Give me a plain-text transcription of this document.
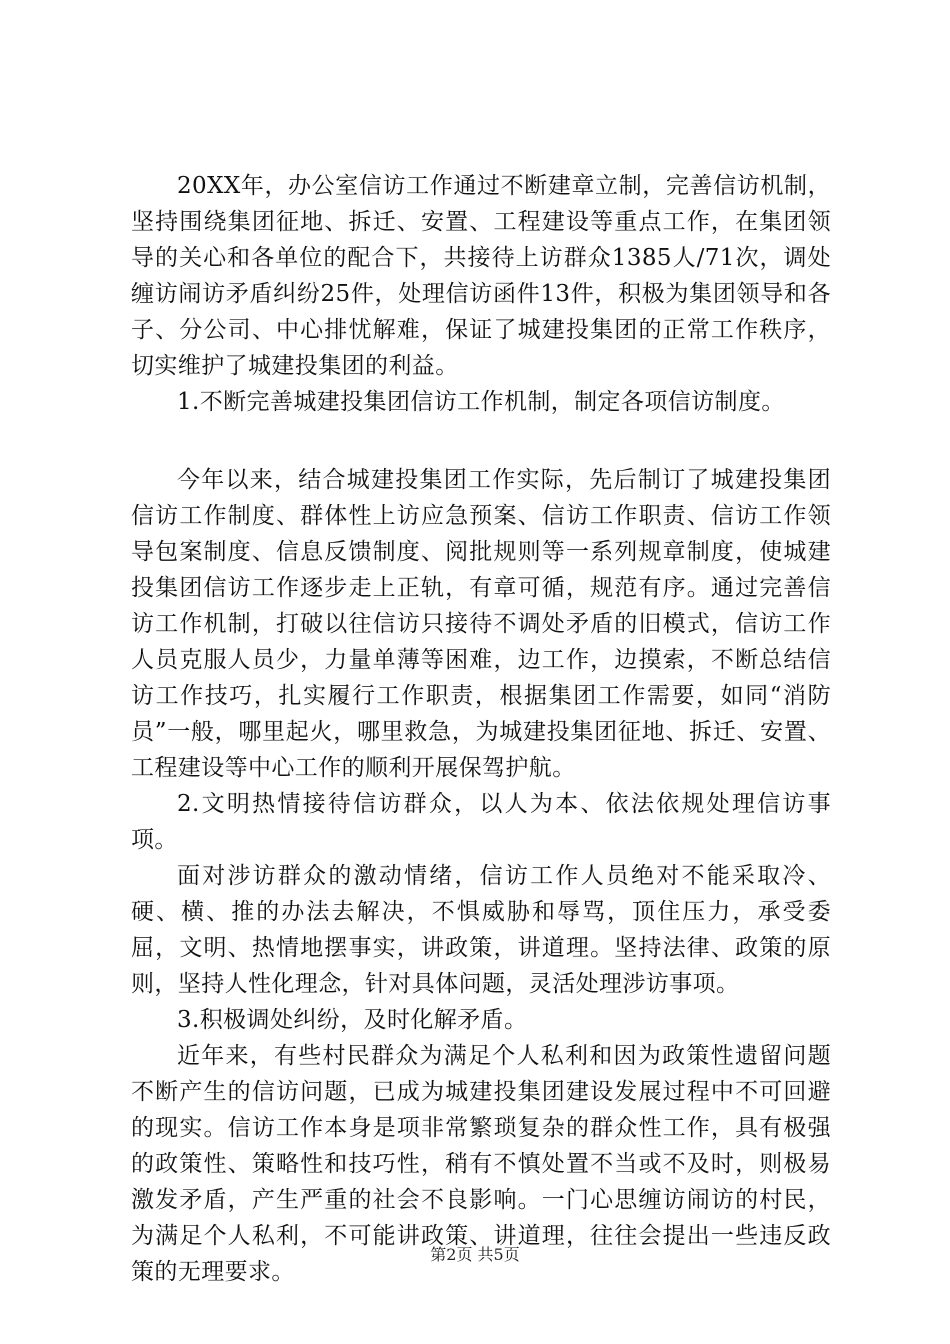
20XX年，办公室信访工作通过不断建章立制，完善信访机制，坚持围绕集团征地、拆迁、安置、工程建设等重点工作，在集团领导的关心和各单位的配合下，共接待上访群众1385人/71次，调处缠访闹访矛盾纠纷25件，处理信访函件13件，积极为集团领导和各子、分公司、中心排忧解难，保证了城建投集团的正常工作秩序，切实维护了城建投集团的利益。

1.不断完善城建投集团信访工作机制，制定各项信访制度。

今年以来，结合城建投集团工作实际，先后制订了城建投集团信访工作制度、群体性上访应急预案、信访工作职责、信访工作领导包案制度、信息反馈制度、阅批规则等一系列规章制度，使城建投集团信访工作逐步走上正轨，有章可循，规范有序。通过完善信访工作机制，打破以往信访只接待不调处矛盾的旧模式，信访工作人员克服人员少，力量单薄等困难，边工作，边摸索，不断总结信访工作技巧，扎实履行工作职责，根据集团工作需要，如同“消防员”一般，哪里起火，哪里救急，为城建投集团征地、拆迁、安置、工程建设等中心工作的顺利开展保驾护航。

2.文明热情接待信访群众，以人为本、依法依规处理信访事项。

面对涉访群众的激动情绪，信访工作人员绝对不能采取冷、硬、横、推的办法去解决，不惧威胁和辱骂，顶住压力，承受委屈，文明、热情地摆事实，讲政策，讲道理。坚持法律、政策的原则，坚持人性化理念，针对具体问题，灵活处理涉访事项。

3.积极调处纠纷，及时化解矛盾。

近年来，有些村民群众为满足个人私利和因为政策性遗留问题不断产生的信访问题，已成为城建投集团建设发展过程中不可回避的现实。信访工作本身是项非常繁琐复杂的群众性工作，具有极强的政策性、策略性和技巧性，稍有不慎处置不当或不及时，则极易激发矛盾，产生严重的社会不良影响。一门心思缠访闹访的村民，为满足个人私利，不可能讲政策、讲道理，往往会提出一些违反政策的无理要求。

第2页 共5页
